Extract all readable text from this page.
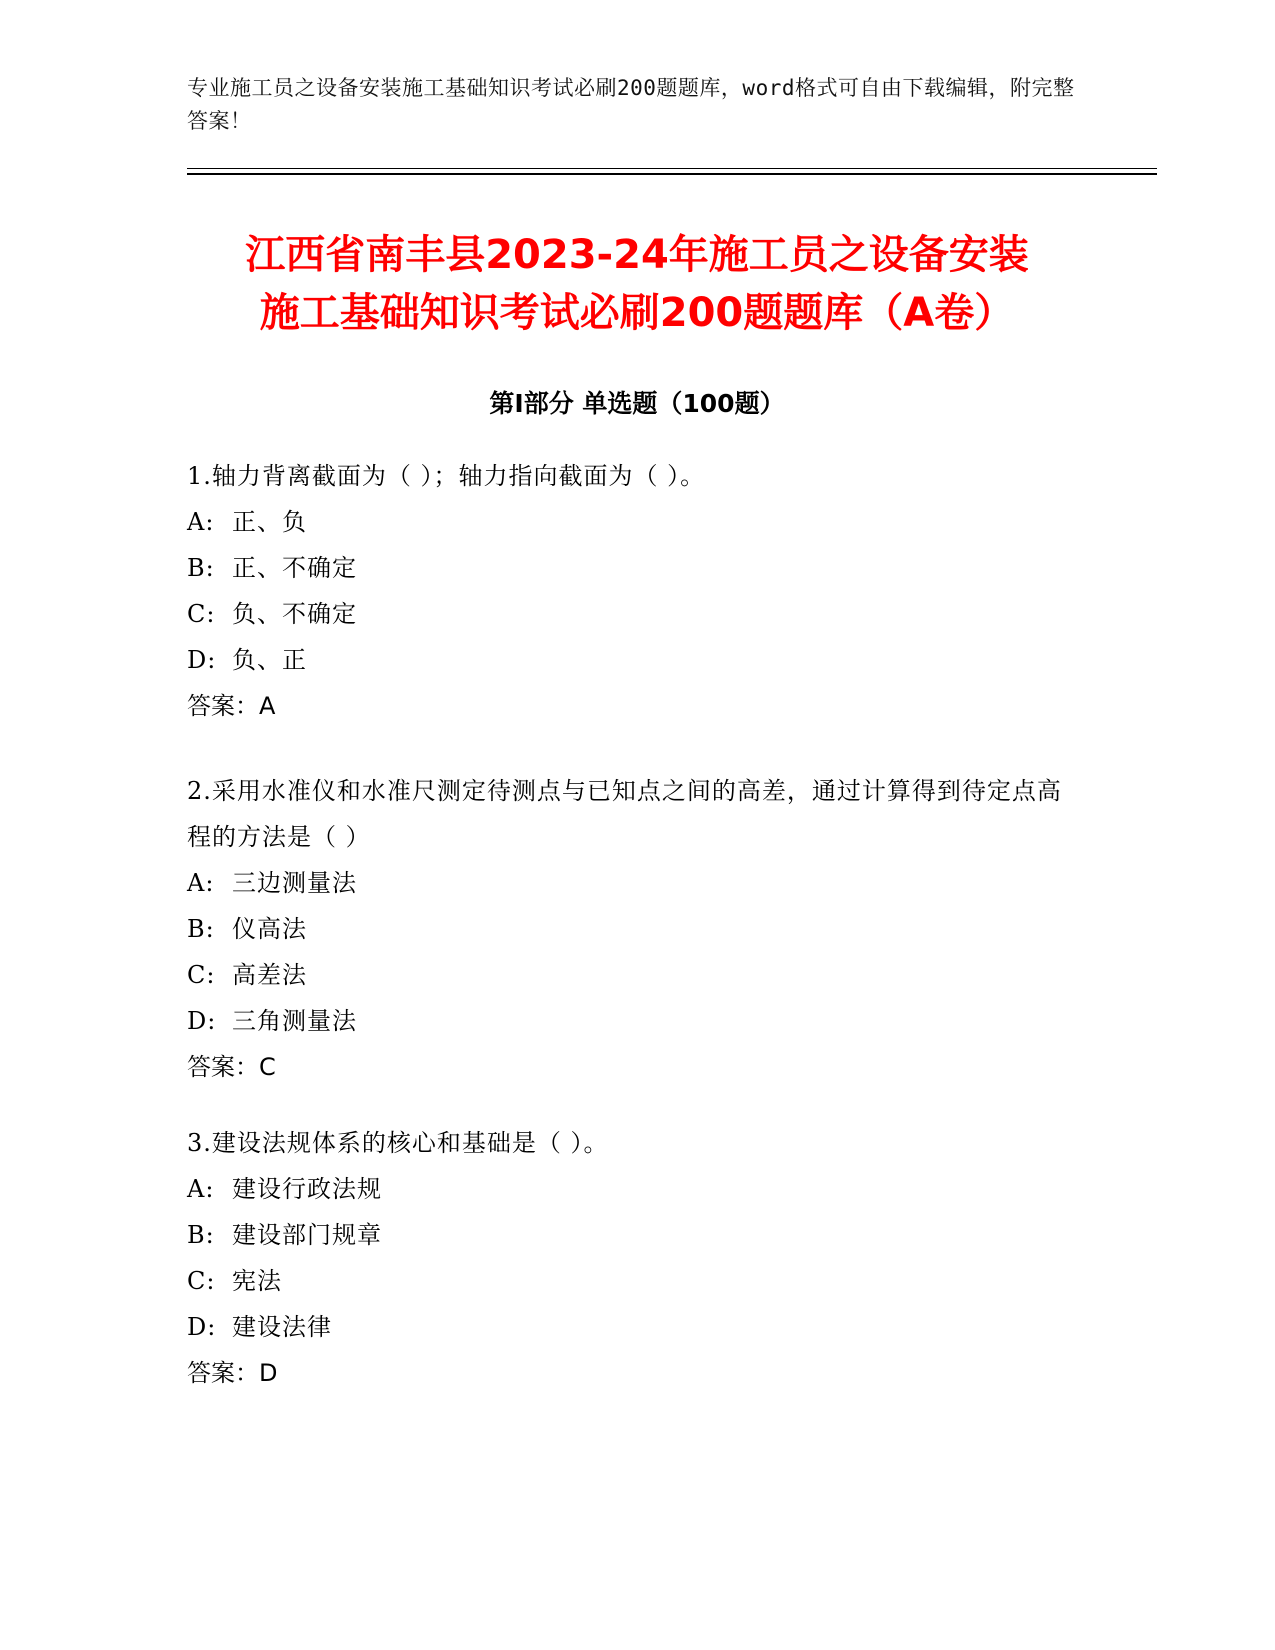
专业施工员之设备安装施工基础知识考试必刷200题题库，word格式可自由下载编辑，附完整答案！
江西省南丰县2023-24年施工员之设备安装
施工基础知识考试必刷200题题库（A卷）
第Ⅰ部分 单选题（100题）

1.轴力背离截面为（ ）；轴力指向截面为（ ）。

A: 正、负
B: 正、不确定
C: 负、不确定
D: 负、正

答案：A

2.采用水准仪和水准尺测定待测点与已知点之间的高差，通过计算得到待定点高程的方法是（ ）

A: 三边测量法
B: 仪高法
C: 高差法
D: 三角测量法

答案：C

3.建设法规体系的核心和基础是（ ）。

A: 建设行政法规
B: 建设部门规章
C: 宪法
D: 建设法律

答案：D
